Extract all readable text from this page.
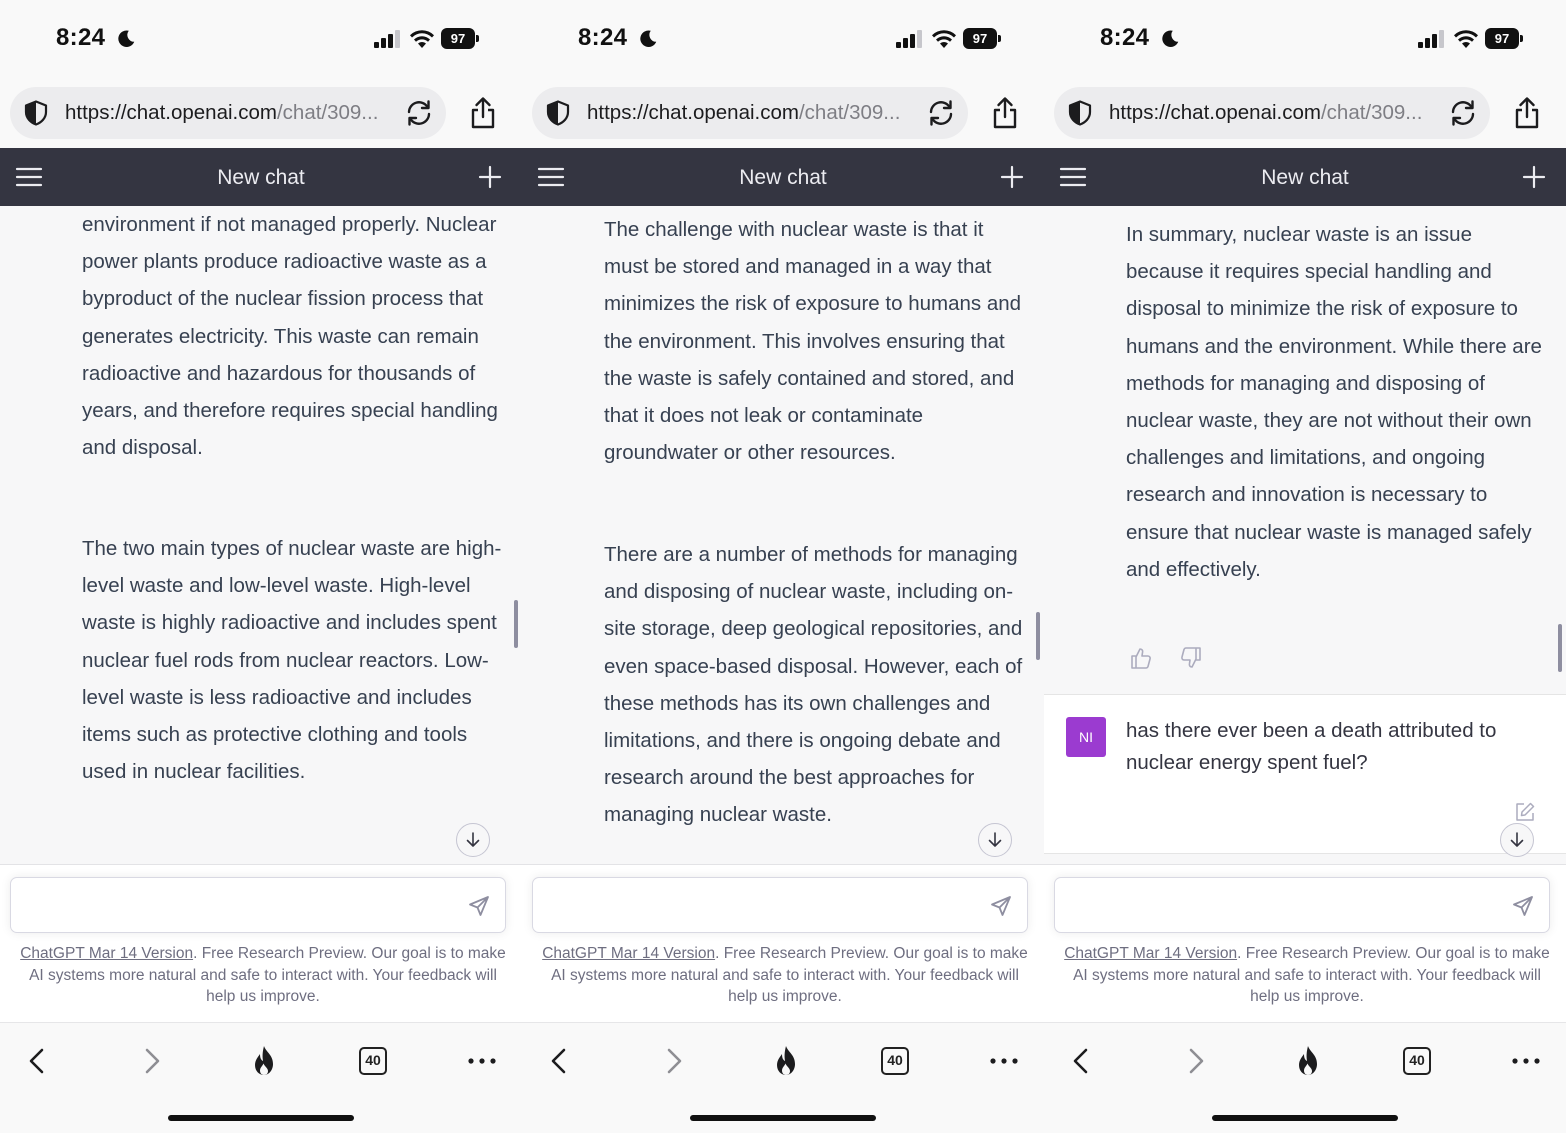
8:24	97
https://chat.openai.com/chat/309...
New chat

environment if not managed properly. Nuclear power plants produce radioactive waste as a byproduct of the nuclear fission process that generates electricity. This waste can remain radioactive and hazardous for thousands of years, and therefore requires special handling and disposal.

The two main types of nuclear waste are high-level waste and low-level waste. High-level waste is highly radioactive and includes spent nuclear fuel rods from nuclear reactors. Low-level waste is less radioactive and includes items such as protective clothing and tools used in nuclear facilities.

ChatGPT Mar 14 Version. Free Research Preview. Our goal is to make AI systems more natural and safe to interact with. Your feedback will help us improve.
40
8:24	97
https://chat.openai.com/chat/309...
New chat

The challenge with nuclear waste is that it must be stored and managed in a way that minimizes the risk of exposure to humans and the environment. This involves ensuring that the waste is safely contained and stored, and that it does not leak or contaminate groundwater or other resources.

There are a number of methods for managing and disposing of nuclear waste, including on-site storage, deep geological repositories, and even space-based disposal. However, each of these methods has its own challenges and limitations, and there is ongoing debate and research around the best approaches for managing nuclear waste.

ChatGPT Mar 14 Version. Free Research Preview. Our goal is to make AI systems more natural and safe to interact with. Your feedback will help us improve.
40
8:24	97
https://chat.openai.com/chat/309...
New chat

In summary, nuclear waste is an issue because it requires special handling and disposal to minimize the risk of exposure to humans and the environment. While there are methods for managing and disposing of nuclear waste, they are not without their own challenges and limitations, and ongoing research and innovation is necessary to ensure that nuclear waste is managed safely and effectively.

NI	has there ever been a death attributed to nuclear energy spent fuel?
ChatGPT Mar 14 Version. Free Research Preview. Our goal is to make AI systems more natural and safe to interact with. Your feedback will help us improve.
40
